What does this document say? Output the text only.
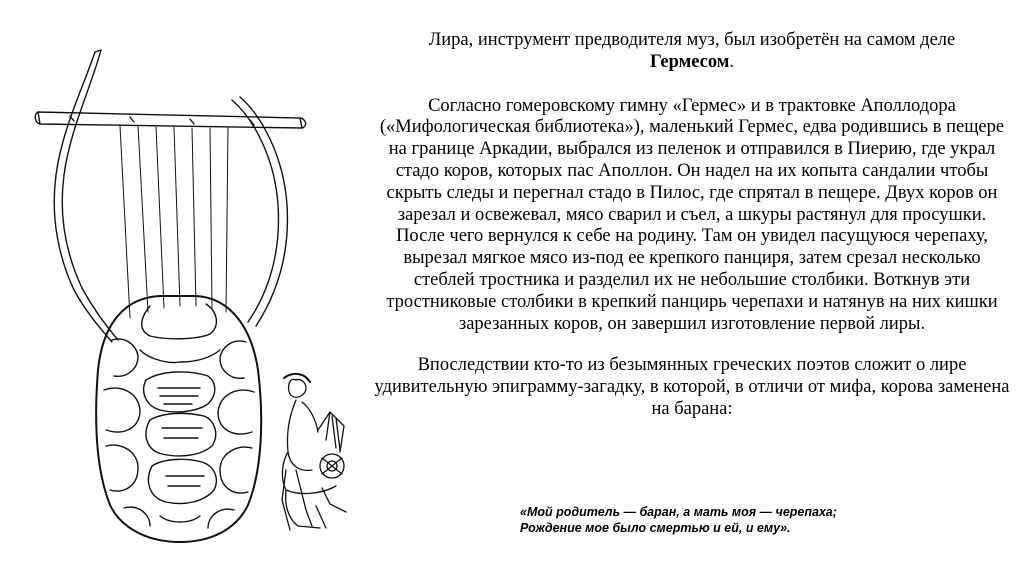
Лира, инструмент предводителя муз, был изобретён на самом деле
Гермесом.

Согласно гомеровскому гимну «Гермес» и в трактовке Аполлодора («Мифологическая библиотека»), маленький Гермес, едва родившись в пещере на границе Аркадии, выбрался из пеленок и отправился в Пиерию, где украл стадо коров, которых пас Аполлон. Он надел на их копыта сандалии чтобы скрыть следы и перегнал стадо в Пилос, где спрятал в пещере. Двух коров он зарезал и освежевал, мясо сварил и съел, а шкуры растянул для просушки. После чего вернулся к себе на родину. Там он увидел пасущуюся черепаху, вырезал мягкое мясо из-под ее крепкого панциря, затем срезал несколько стеблей тростника и разделил их не небольшие столбики. Воткнув эти тростниковые столбики в крепкий панцирь черепахи и натянув на них кишки зарезанных коров, он завершил изготовление первой лиры.

Впоследствии кто-то из безымянных греческих поэтов сложит о лире удивительную эпиграмму-загадку, в которой, в отличи от мифа, корова заменена на барана:

«Мой родитель — баран, а мать моя — черепаха;
Рождение мое было смертью и ей, и ему».
